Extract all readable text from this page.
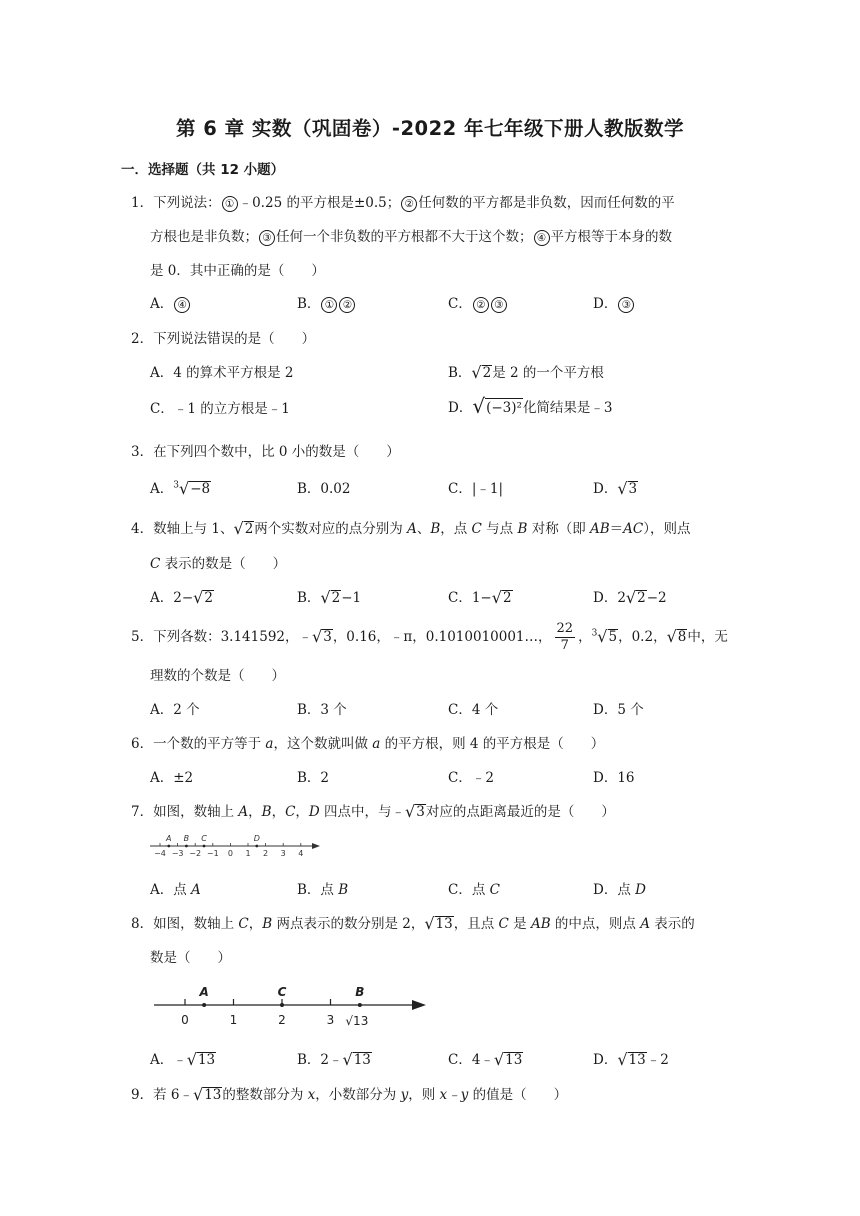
第 6 章 实数（巩固卷）-2022 年七年级下册人教版数学
一．选择题（共 12 小题）
1．下列说法： ① ﹣0.25 的平方根是±0.5； ② 任何数的平方都是非负数，因而任何数的平
方根也是非负数； ③ 任何一个非负数的平方根都不大于这个数； ④ 平方根等于本身的数
是 0．其中正确的是（　　）
A． ④	B． ① ②	C． ② ③	D． ③
2．下列说法错误的是（　　）
A．4 的算术平方根是 2	B．√2是 2 的一个平方根
C．﹣1 的立方根是﹣1	D．√(−3)²化简结果是﹣3
3．在下列四个数中，比 0 小的数是（　　）
A．$^3$√−8	B．0.02	C．|﹣1|	D．√3
4．数轴上与 1、√2两个实数对应的点分别为 A、B，点 C 与点 B 对称（即 AB＝AC），则点
C 表示的数是（　　）
A．2−√2	B．√2−1	C．1−√2	D．2√2−2
5．下列各数：3.141592，﹣√3，0.16，﹣π，0.1010010001…， $\frac{22}{7}$ ，$^3$√5，0.2，√8中，无
理数的个数是（　　）
A．2 个	B．3 个	C．4 个	D．5 个
6．一个数的平方等于 a，这个数就叫做 a 的平方根，则 4 的平方根是（　　）
A．±2	B．2	C．﹣2	D．16
7．如图，数轴上 A，B，C，D 四点中，与﹣√3对应的点距离最近的是（　　）
−4 −3 −2 −1 0 1 2 3 4
A B C	D
A．点 A	B．点 B	C．点 C	D．点 D
8．如图，数轴上 C，B 两点表示的数分别是 2，√13，且点 C 是 AB 的中点，则点 A 表示的
数是（　　）
0	1	2	3 √13
A	C	B
A．﹣√13	B．2﹣√13	C．4﹣√13	D．√13﹣2
9．若 6﹣√13的整数部分为 x，小数部分为 y，则 x﹣y 的值是（　　）
